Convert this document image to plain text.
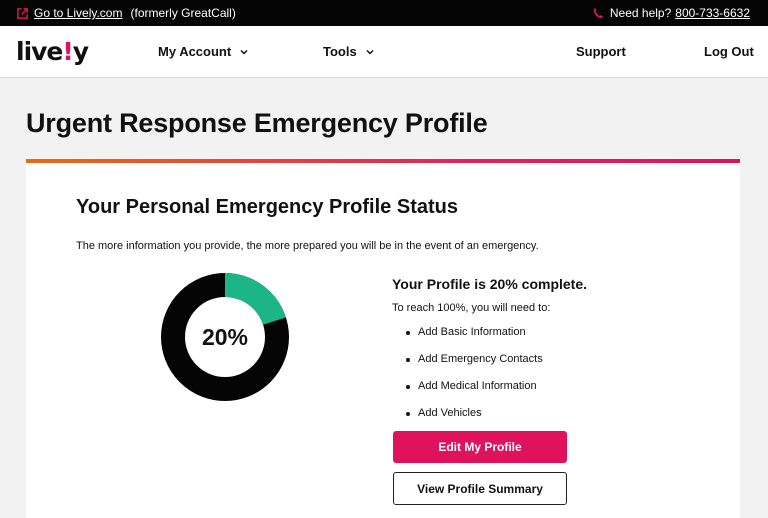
Go to Lively.com (formerly GreatCall)	Need help? 800-733-6632
live!y	My Account	Tools	Support	Log Out
Urgent Response Emergency Profile
Your Personal Emergency Profile Status

The more information you provide, the more prepared you will be in the event of an emergency.

20%
Your Profile is 20% complete.
To reach 100%, you will need to:
Add Basic Information
Add Emergency Contacts
Add Medical Information
Add Vehicles
Edit My Profile
View Profile Summary
